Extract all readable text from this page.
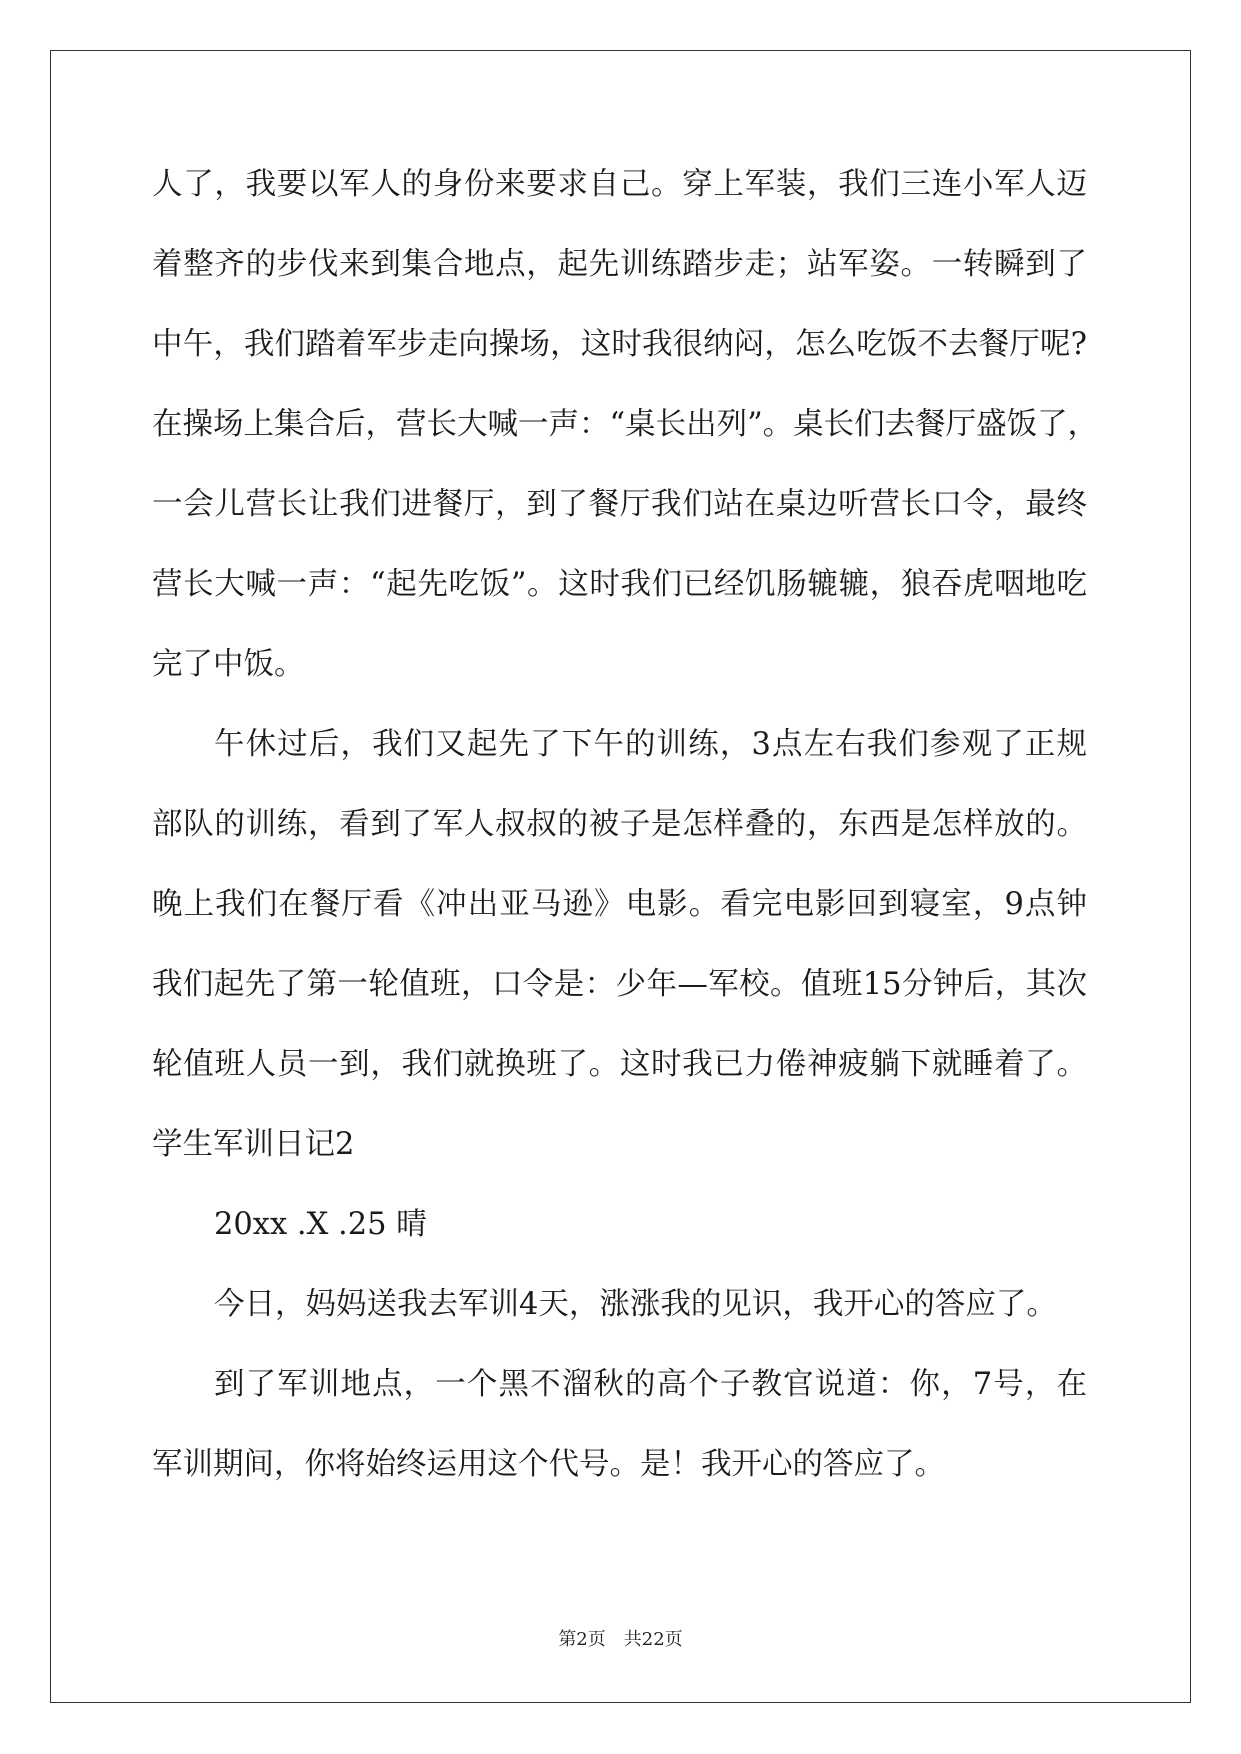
人了，我要以军人的身份来要求自己。穿上军装，我们三连小军人迈
着整齐的步伐来到集合地点，起先训练踏步走；站军姿。一转瞬到了
中午，我们踏着军步走向操场，这时我很纳闷，怎么吃饭不去餐厅呢?
在操场上集合后，营长大喊一声：“桌长出列”。桌长们去餐厅盛饭了，
一会儿营长让我们进餐厅，到了餐厅我们站在桌边听营长口令，最终
营长大喊一声：“起先吃饭”。这时我们已经饥肠辘辘，狼吞虎咽地吃
完了中饭。
午休过后，我们又起先了下午的训练，3点左右我们参观了正规
部队的训练，看到了军人叔叔的被子是怎样叠的，东西是怎样放的。
晚上我们在餐厅看《冲出亚马逊》电影。看完电影回到寝室，9点钟
我们起先了第一轮值班，口令是：少年—军校。值班15分钟后，其次
轮值班人员一到，我们就换班了。这时我已力倦神疲躺下就睡着了。
学生军训日记2
20xx .X .25 晴
今日，妈妈送我去军训4天，涨涨我的见识，我开心的答应了。
到了军训地点，一个黑不溜秋的高个子教官说道：你，7号，在
军训期间，你将始终运用这个代号。是！我开心的答应了。
第2页 共22页
